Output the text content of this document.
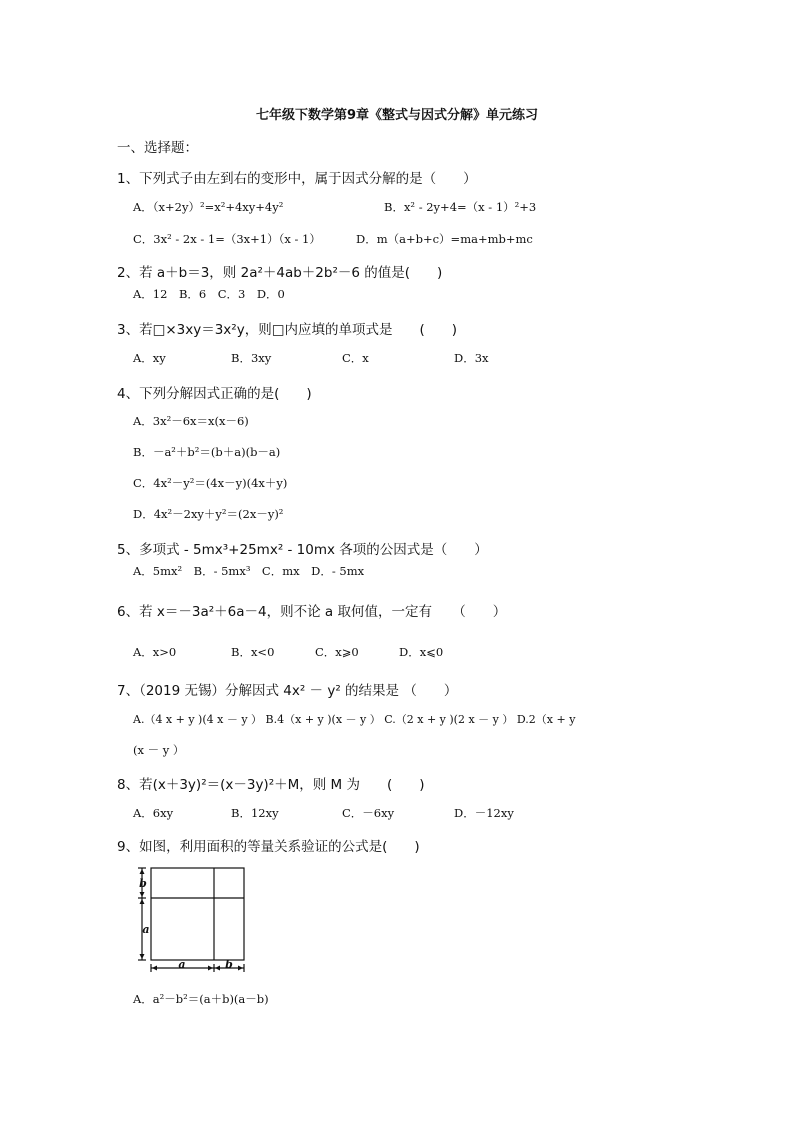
七年级下数学第9章《整式与因式分解》单元练习
一、选择题：
1、下列式子由左到右的变形中，属于因式分解的是（　　）
A．（x+2y）²=x²+4xy+4y²	B．x² - 2y+4=（x - 1）²+3
C．3x² - 2x - 1=（3x+1）（x - 1）	D．m（a+b+c）=ma+mb+mc
2、若 a＋b＝3，则 2a²＋4ab＋2b²－6 的值是(　　)
A．12　B．6　C．3　D．0
3、若□×3xy＝3x²y，则□内应填的单项式是　　(　　)
A．xy	B．3xy	C．x	D．3x
4、下列分解因式正确的是(　　)
A．3x²－6x＝x(x－6)
B．－a²＋b²＝(b＋a)(b－a)
C．4x²－y²＝(4x－y)(4x＋y)
D．4x²－2xy＋y²＝(2x－y)²
5、多项式 - 5mx³+25mx² - 10mx 各项的公因式是（　　）
A．5mx²　B．- 5mx³　C．mx　D．- 5mx
6、若 x＝－3a²＋6a－4，则不论 a 取何值，一定有　　（　　）
A．x>0	B．x<0	C．x⩾0	D．x⩽0
7、（2019 无锡）分解因式 4x² － y² 的结果是 （　　）
A.（4 x + y )(4 x － y ） B.4（x + y )(x － y ） C.（2 x + y )(2 x － y ） D.2（x + y
(x － y ）
8、若(x＋3y)²＝(x－3y)²＋M，则 M 为　　(　　)
A．6xy	B．12xy	C．－6xy	D．－12xy
9、如图，利用面积的等量关系验证的公式是(　　)
b
a
a	b
A．a²－b²＝(a＋b)(a－b)
